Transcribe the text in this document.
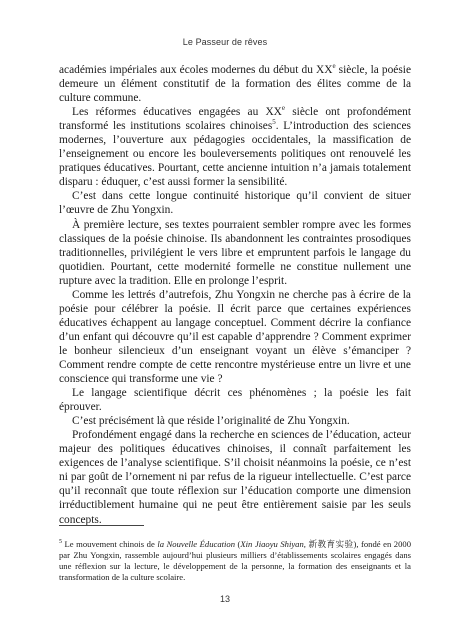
Le Passeur de rêves

académies impériales aux écoles modernes du début du XXe siècle, la poésie demeure un élément constitutif de la formation des élites comme de la culture commune.

Les réformes éducatives engagées au XXe siècle ont profondément transformé les institutions scolaires chinoises$^5$. L’introduction des sciences modernes, l’ouverture aux pédagogies occidentales, la massification de l’enseignement ou encore les bouleversements politiques ont renouvelé les pratiques éducatives. Pourtant, cette ancienne intuition n’a jamais totalement disparu : éduquer, c’est aussi former la sensibilité.

C’est dans cette longue continuité historique qu’il convient de situer l’œuvre de Zhu Yongxin.

À première lecture, ses textes pourraient sembler rompre avec les formes classiques de la poésie chinoise. Ils abandonnent les contraintes prosodiques traditionnelles, privilégient le vers libre et empruntent parfois le langage du quotidien. Pourtant, cette modernité formelle ne constitue nullement une rupture avec la tradition. Elle en prolonge l’esprit.

Comme les lettrés d’autrefois, Zhu Yongxin ne cherche pas à écrire de la poésie pour célébrer la poésie. Il écrit parce que certaines expériences éducatives échappent au langage conceptuel. Comment décrire la confiance d’un enfant qui découvre qu’il est capable d’apprendre ? Comment exprimer le bonheur silencieux d’un enseignant voyant un élève s’émanciper ? Comment rendre compte de cette rencontre mystérieuse entre un livre et une conscience qui transforme une vie ?

Le langage scientifique décrit ces phénomènes ; la poésie les fait éprouver.

C’est précisément là que réside l’originalité de Zhu Yongxin.

Profondément engagé dans la recherche en sciences de l’éducation, acteur majeur des politiques éducatives chinoises, il connaît parfaitement les exigences de l’analyse scientifique. S’il choisit néanmoins la poésie, ce n’est ni par goût de l’ornement ni par refus de la rigueur intellectuelle. C’est parce qu’il reconnaît que toute réflexion sur l’éducation comporte une dimension irréductiblement humaine qui ne peut être entièrement saisie par les seuls concepts.

$^5$ Le mouvement chinois de la Nouvelle Éducation (Xin Jiaoyu Shiyan, 新教育实验), fondé en 2000 par Zhu Yongxin, rassemble aujourd’hui plusieurs milliers d’établissements scolaires engagés dans une réflexion sur la lecture, le développement de la personne, la formation des enseignants et la transformation de la culture scolaire.
13
